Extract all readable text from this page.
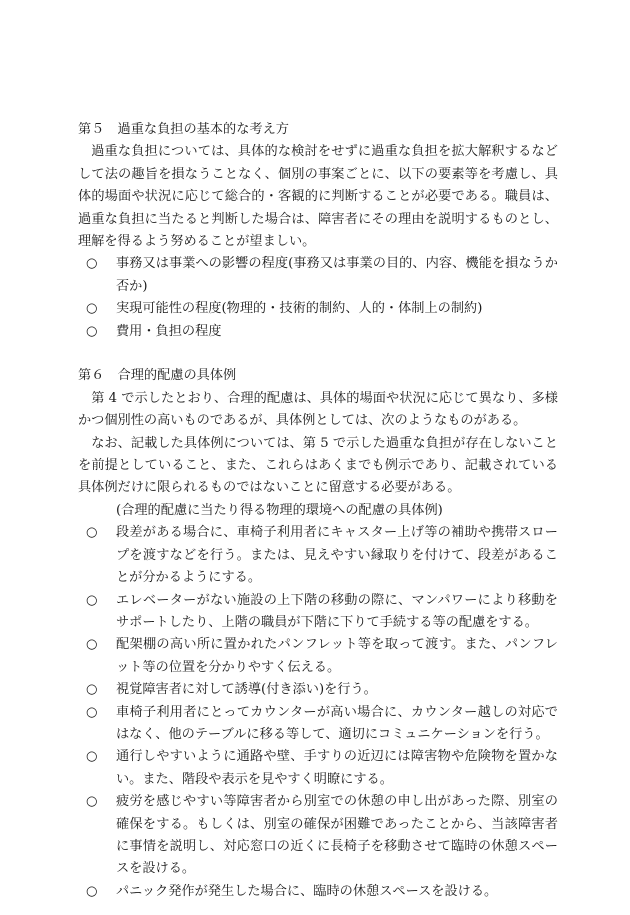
第５　過重な負担の基本的な考え方

過重な負担については、具体的な検討をせずに過重な負担を拡大解釈するなどして法の趣旨を損なうことなく、個別の事案ごとに、以下の要素等を考慮し、具体的場面や状況に応じて総合的・客観的に判断することが必要である。職員は、過重な負担に当たると判断した場合は、障害者にその理由を説明するものとし、理解を得るよう努めることが望ましい。

○	事務又は事業への影響の程度(事務又は事業の目的、内容、機能を損なうか否か)
○	実現可能性の程度(物理的・技術的制約、人的・体制上の制約)
○	費用・負担の程度

第６　合理的配慮の具体例

第 4 で示したとおり、合理的配慮は、具体的場面や状況に応じて異なり、多様かつ個別性の高いものであるが、具体例としては、次のようなものがある。

なお、記載した具体例については、第 5 で示した過重な負担が存在しないことを前提としていること、また、これらはあくまでも例示であり、記載されている具体例だけに限られるものではないことに留意する必要がある。

(合理的配慮に当たり得る物理的環境への配慮の具体例)

○	段差がある場合に、車椅子利用者にキャスター上げ等の補助や携帯スロープを渡すなどを行う。または、見えやすい縁取りを付けて、段差があることが分かるようにする。
○	エレベーターがない施設の上下階の移動の際に、マンパワーにより移動をサポートしたり、上階の職員が下階に下りて手続する等の配慮をする。
○	配架棚の高い所に置かれたパンフレット等を取って渡す。また、パンフレット等の位置を分かりやすく伝える。
○	視覚障害者に対して誘導(付き添い)を行う。
○	車椅子利用者にとってカウンターが高い場合に、カウンター越しの対応ではなく、他のテーブルに移る等して、適切にコミュニケーションを行う。
○	通行しやすいように通路や壁、手すりの近辺には障害物や危険物を置かない。また、階段や表示を見やすく明瞭にする。
○	疲労を感じやすい等障害者から別室での休憩の申し出があった際、別室の確保をする。もしくは、別室の確保が困難であったことから、当該障害者に事情を説明し、対応窓口の近くに長椅子を移動させて臨時の休憩スペースを設ける。
○	パニック発作が発生した場合に、臨時の休憩スペースを設ける。
